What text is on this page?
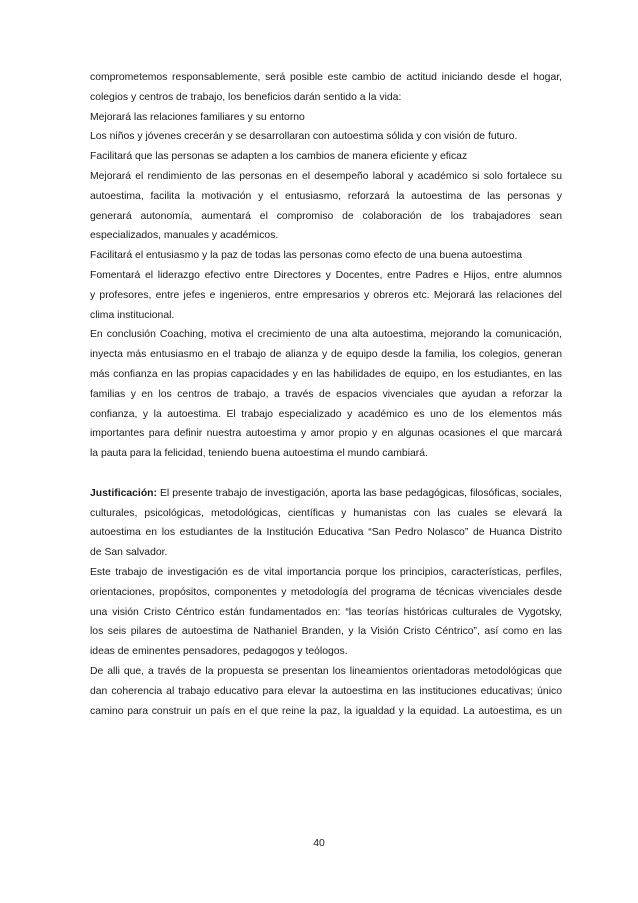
comprometemos responsablemente, será posible este cambio de actitud iniciando desde el hogar,

colegios y centros de trabajo, los beneficios darán sentido a la vida:

Mejorará las relaciones familiares y su entorno

Los niños y jóvenes crecerán y se desarrollaran con autoestima sólida y con visión de futuro.

Facilitará que las personas se adapten a los cambios de manera eficiente y eficaz

Mejorará el rendimiento de las personas en el desempeño laboral y académico si solo fortalece su

autoestima, facilita la motivación y el entusiasmo, reforzará la autoestima de las personas y

generará autonomía, aumentará el compromiso de colaboración de los trabajadores sean

especializados, manuales y académicos.

Facilitará el entusiasmo y la paz de todas las personas como efecto de una buena autoestima

Fomentará el liderazgo efectivo entre Directores y Docentes, entre Padres e Hijos, entre alumnos

y profesores, entre jefes e ingenieros, entre empresarios y obreros etc. Mejorará las relaciones del

clima institucional.

En conclusión Coaching, motiva el crecimiento de una alta autoestima, mejorando la comunicación,

inyecta más entusiasmo en el trabajo de alianza y de equipo desde la familia, los colegios, generan

más confianza en las propias capacidades y en las habilidades de equipo, en los estudiantes, en las

familias y en los centros de trabajo, a través de espacios vivenciales que ayudan a reforzar la

confianza, y la autoestima. El trabajo especializado y académico es uno de los elementos más

importantes para definir nuestra autoestima y amor propio y en algunas ocasiones el que marcará

la pauta para la felicidad, teniendo buena autoestima el mundo cambiará.

Justificación: El presente trabajo de investigación, aporta las base pedagógicas, filosóficas, sociales,

culturales, psicológicas, metodológicas, científicas y humanistas con las cuales se elevará la

autoestima en los estudiantes de la Institución Educativa “San Pedro Nolasco” de Huanca Distrito

de San salvador.

Este trabajo de investigación es de vital importancia porque los principios, características, perfiles,

orientaciones, propósitos, componentes y metodología del programa de técnicas vivenciales desde

una visión Cristo Céntrico están fundamentados en: “las teorías históricas culturales de Vygotsky,

los seis pilares de autoestima de Nathaniel Branden, y la Visión Cristo Céntrico”, así como en las

ideas de eminentes pensadores, pedagogos y teólogos.

De alli que, a través de la propuesta se presentan los lineamientos orientadoras metodológicas que

dan coherencia al trabajo educativo para elevar la autoestima en las instituciones educativas; único

camino para construir un país en el que reine la paz, la igualdad y la equidad. La autoestima, es un

40
